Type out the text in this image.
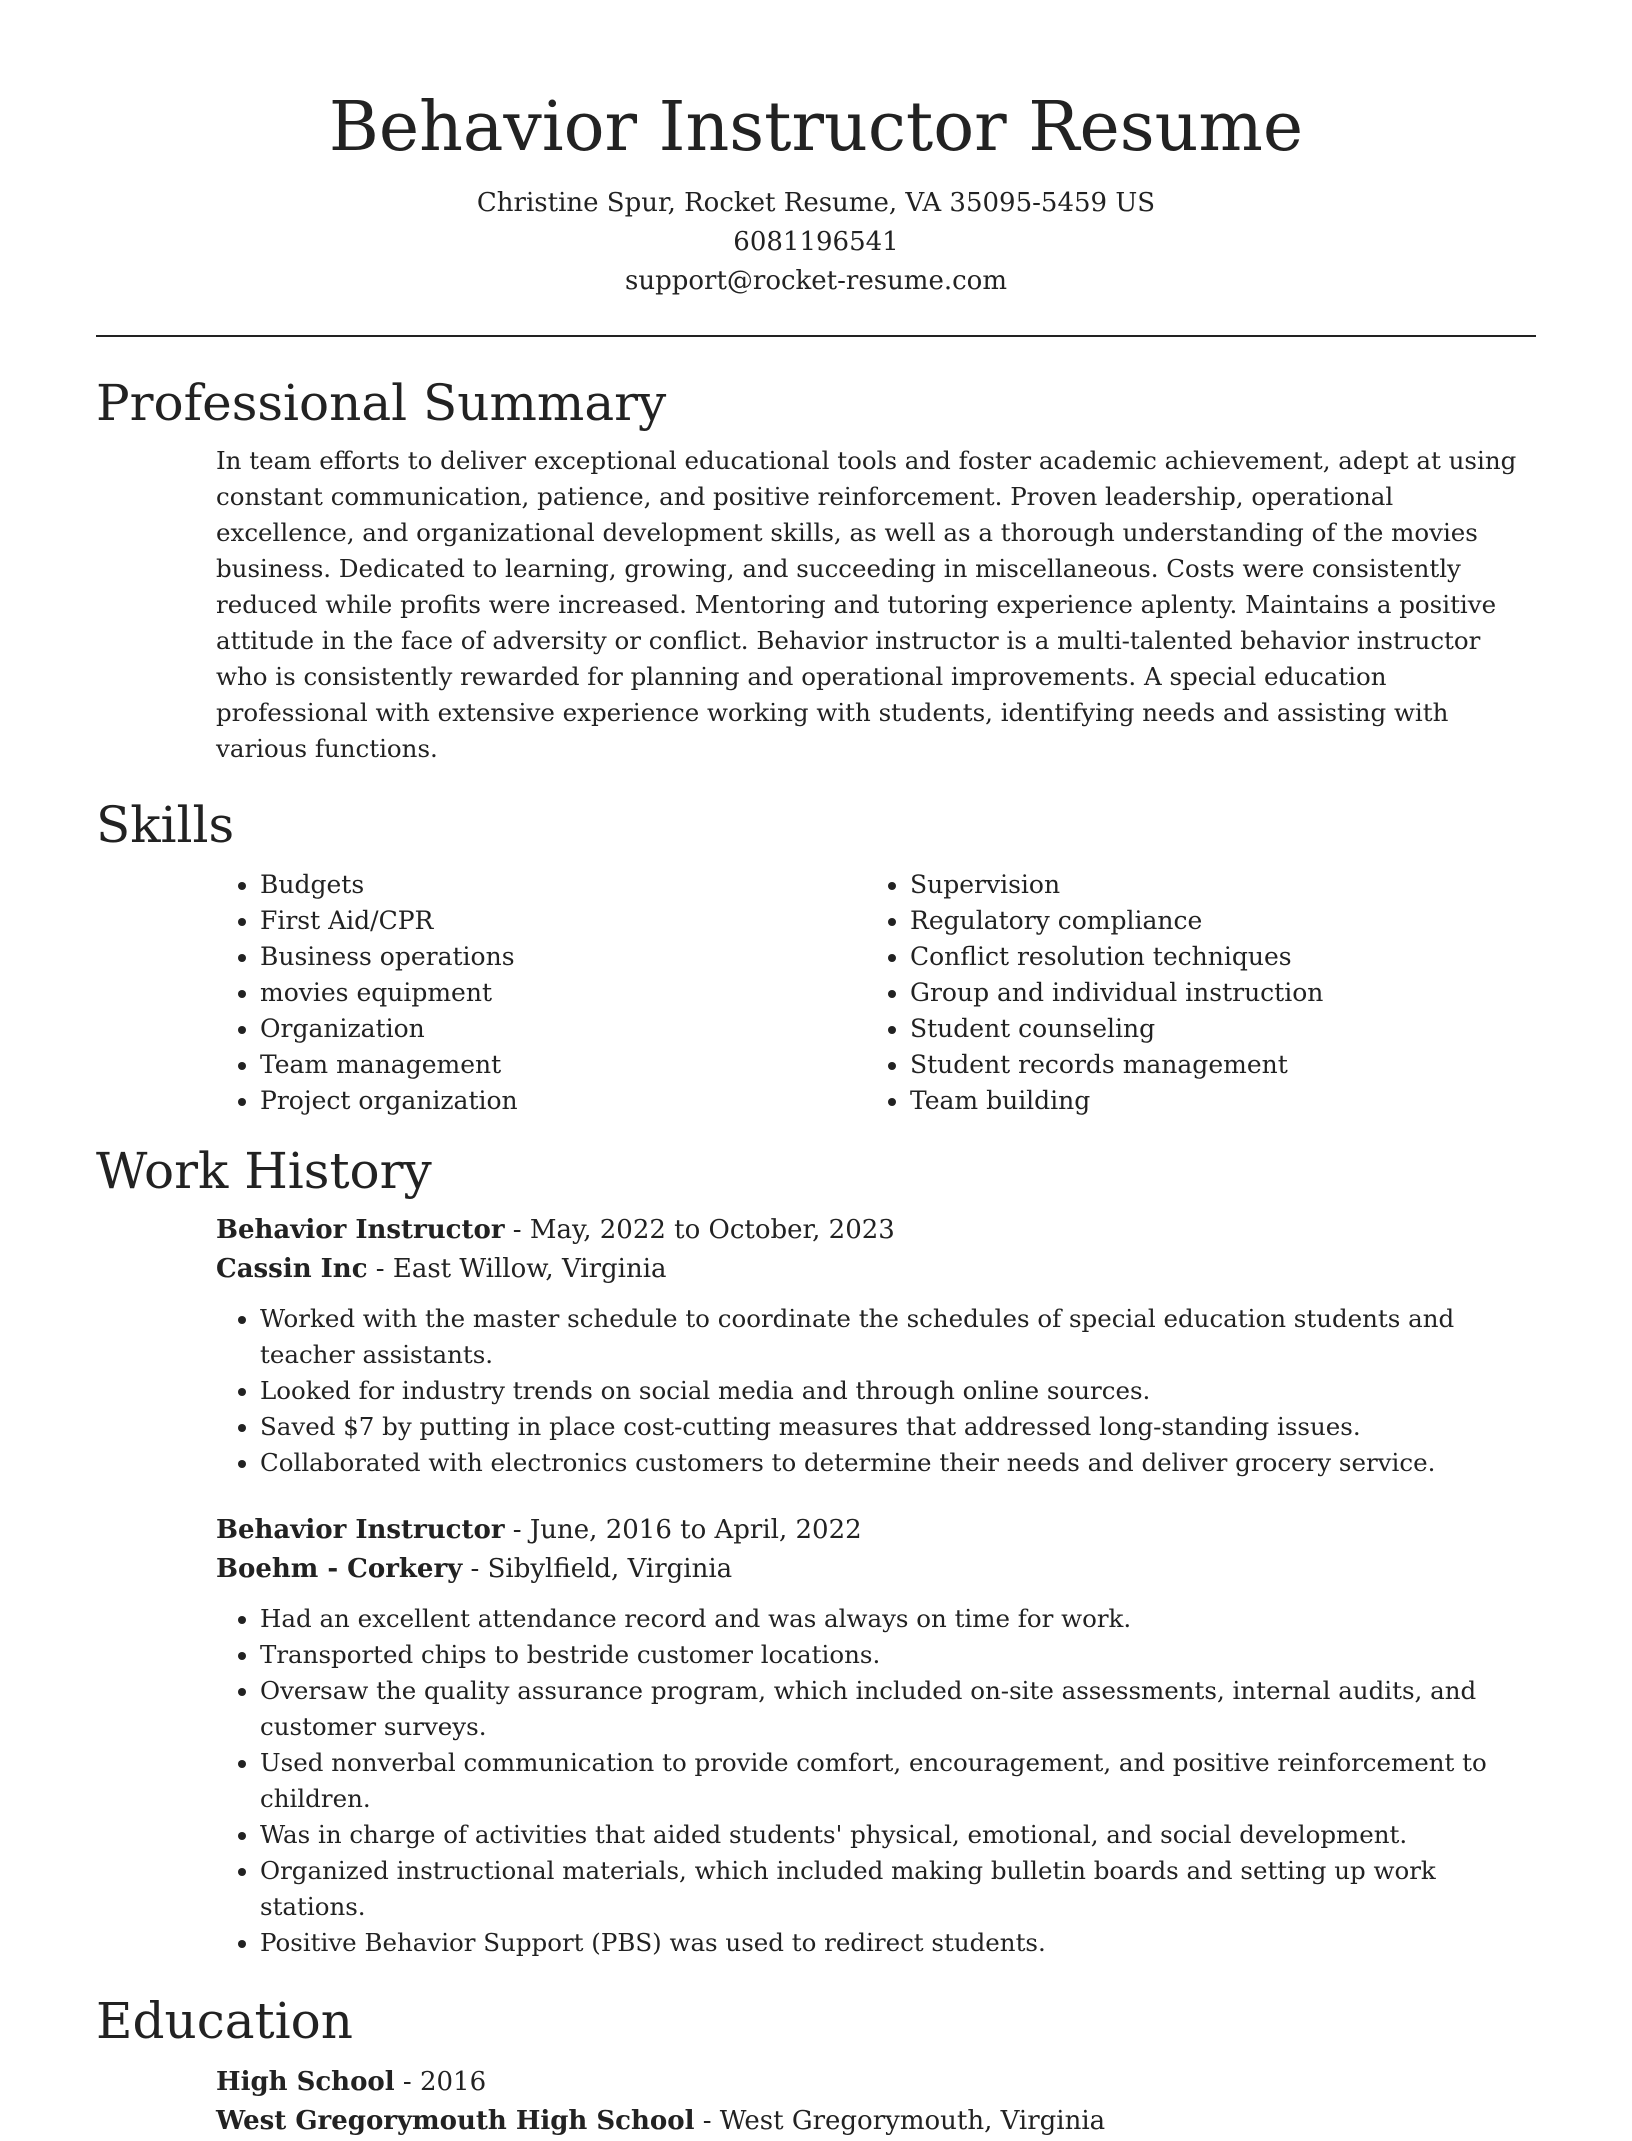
Behavior Instructor Resume
Christine Spur, Rocket Resume, VA 35095-5459 US
6081196541
support@rocket-resume.com
Professional Summary

In team efforts to deliver exceptional educational tools and foster academic achievement, adept at using constant communication, patience, and positive reinforcement. Proven leadership, operational excellence, and organizational development skills, as well as a thorough understanding of the movies business. Dedicated to learning, growing, and succeeding in miscellaneous. Costs were consistently reduced while profits were increased. Mentoring and tutoring experience aplenty. Maintains a positive attitude in the face of adversity or conflict. Behavior instructor is a multi-talented behavior instructor who is consistently rewarded for planning and operational improvements. A special education professional with extensive experience working with students, identifying needs and assisting with various functions.

Skills
• Budgets
• First Aid/CPR
• Business operations
• movies equipment
• Organization
• Team management
• Project organization
• Supervision
• Regulatory compliance
• Conflict resolution techniques
• Group and individual instruction
• Student counseling
• Student records management
• Team building
Work History
Behavior Instructor - May, 2022 to October, 2023
Cassin Inc - East Willow, Virginia
• Worked with the master schedule to coordinate the schedules of special education students and teacher assistants.
• Looked for industry trends on social media and through online sources.
• Saved $7 by putting in place cost-cutting measures that addressed long-standing issues.
• Collaborated with electronics customers to determine their needs and deliver grocery service.
Behavior Instructor - June, 2016 to April, 2022
Boehm - Corkery - Sibylfield, Virginia
• Had an excellent attendance record and was always on time for work.
• Transported chips to bestride customer locations.
• Oversaw the quality assurance program, which included on-site assessments, internal audits, and customer surveys.
• Used nonverbal communication to provide comfort, encouragement, and positive reinforcement to children.
• Was in charge of activities that aided students' physical, emotional, and social development.
• Organized instructional materials, which included making bulletin boards and setting up work stations.
• Positive Behavior Support (PBS) was used to redirect students.
Education
High School - 2016
West Gregorymouth High School - West Gregorymouth, Virginia
